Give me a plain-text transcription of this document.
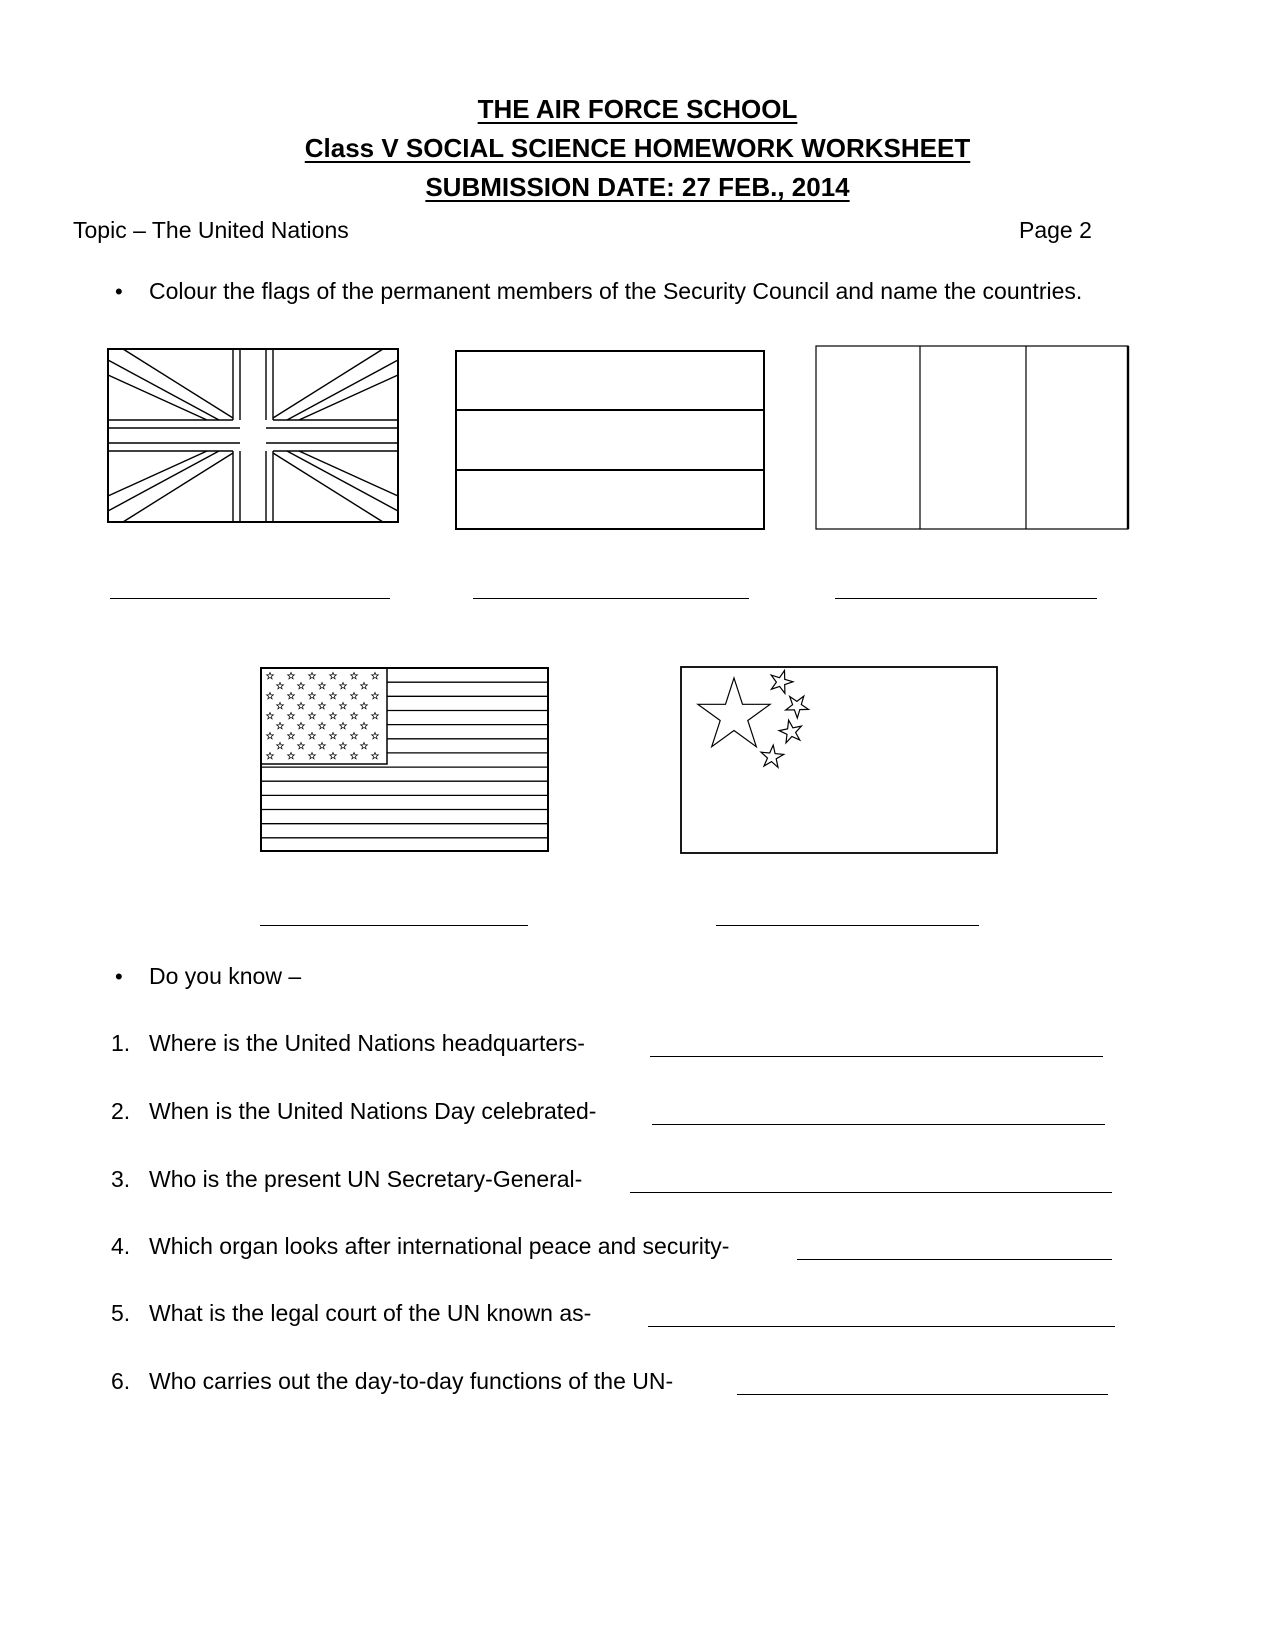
THE AIR FORCE SCHOOL
Class V SOCIAL SCIENCE HOMEWORK WORKSHEET
SUBMISSION DATE: 27 FEB., 2014
Topic – The United Nations	Page 2
• Colour the flags of the permanent members of the Security Council and name the countries.
• Do you know –
1. Where is the United Nations headquarters-
2. When is the United Nations Day celebrated-
3. Who is the present UN Secretary-General-
4. Which organ looks after international peace and security-
5. What is the legal court of the UN known as-
6. Who carries out the day-to-day functions of the UN-
